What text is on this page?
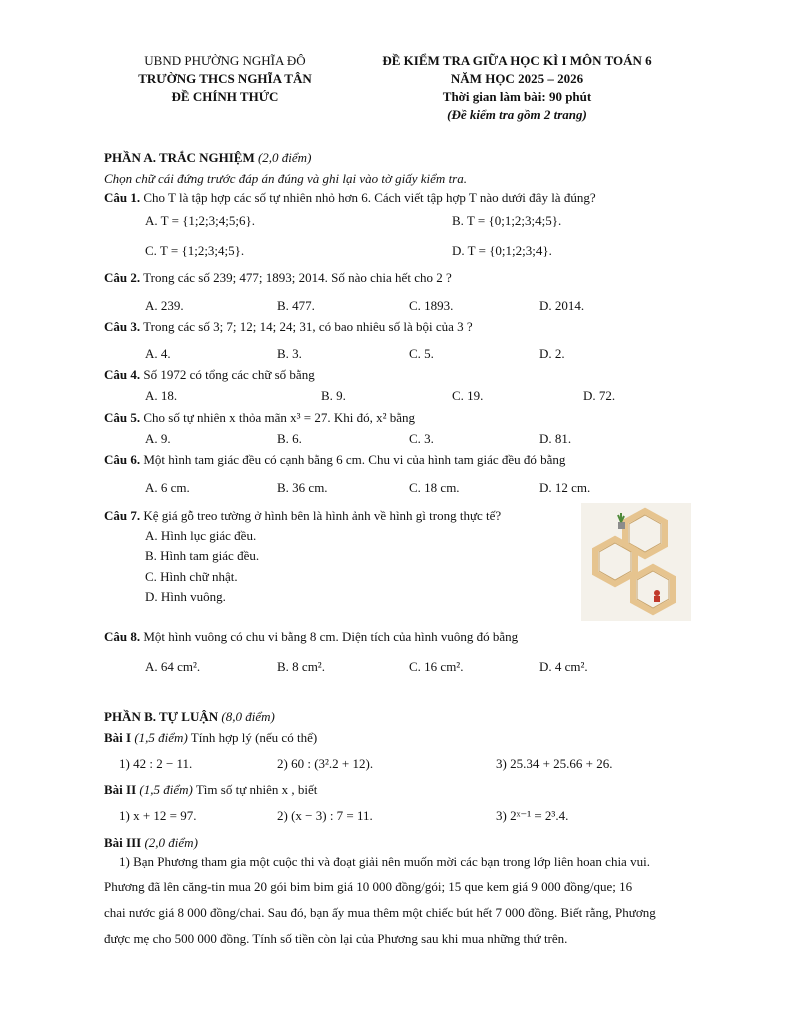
UBND PHƯỜNG NGHĨA ĐÔ
TRƯỜNG THCS NGHĨA TÂN
ĐỀ CHÍNH THỨC
ĐỀ KIỂM TRA GIỮA HỌC KÌ I MÔN TOÁN 6
NĂM HỌC 2025 – 2026
Thời gian làm bài: 90 phút
(Đề kiểm tra gồm 2 trang)
PHẦN A. TRẮC NGHIỆM (2,0 điểm)
Chọn chữ cái đứng trước đáp án đúng và ghi lại vào tờ giấy kiểm tra.
Câu 1. Cho T là tập hợp các số tự nhiên nhỏ hơn 6. Cách viết tập hợp T nào dưới đây là đúng?
A. T = {1;2;3;4;5;6}.	B. T = {0;1;2;3;4;5}.
C. T = {1;2;3;4;5}.	D. T = {0;1;2;3;4}.
Câu 2. Trong các số 239; 477; 1893; 2014. Số nào chia hết cho 2 ?
A. 239.	B. 477.	C. 1893.	D. 2014.
Câu 3. Trong các số 3; 7; 12; 14; 24; 31, có bao nhiêu số là bội của 3 ?
A. 4.	B. 3.	C. 5.	D. 2.
Câu 4. Số 1972 có tổng các chữ số bằng
A. 18.	B. 9.	C. 19.	D. 72.
Câu 5. Cho số tự nhiên x thỏa mãn x³ = 27. Khi đó, x² bằng
A. 9.	B. 6.	C. 3.	D. 81.
Câu 6. Một hình tam giác đều có cạnh bằng 6 cm. Chu vi của hình tam giác đều đó bằng
A. 6 cm.	B. 36 cm.	C. 18 cm.	D. 12 cm.
Câu 7. Kệ giá gỗ treo tường ở hình bên là hình ảnh về hình gì trong thực tế?
A. Hình lục giác đều.
B. Hình tam giác đều.
C. Hình chữ nhật.
D. Hình vuông.
Câu 8. Một hình vuông có chu vi bằng 8 cm. Diện tích của hình vuông đó bằng
A. 64 cm².	B. 8 cm².	C. 16 cm².	D. 4 cm².
PHẦN B. TỰ LUẬN (8,0 điểm)
Bài I (1,5 điểm) Tính hợp lý (nếu có thể)
1) 42 : 2 − 11.	2) 60 : (3².2 + 12).	3) 25.34 + 25.66 + 26.
Bài II (1,5 điểm) Tìm số tự nhiên x , biết
1) x + 12 = 97.	2) (x − 3) : 7 = 11.	3) 2ˣ⁻¹ = 2³.4.
Bài III (2,0 điểm)
1) Bạn Phương tham gia một cuộc thi và đoạt giải nên muốn mời các bạn trong lớp liên hoan chia vui.
Phương đã lên căng-tin mua 20 gói bim bim giá 10 000 đồng/gói; 15 que kem giá 9 000 đồng/que; 16
chai nước giá 8 000 đồng/chai. Sau đó, bạn ấy mua thêm một chiếc bút hết 7 000 đồng. Biết rằng, Phương
được mẹ cho 500 000 đồng. Tính số tiền còn lại của Phương sau khi mua những thứ trên.
